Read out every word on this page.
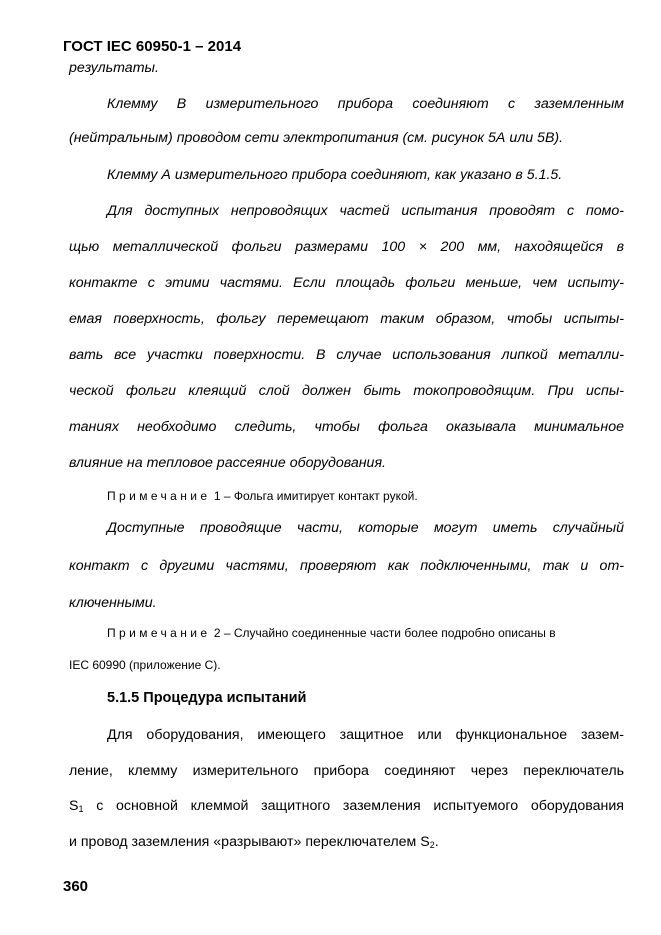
ГОСТ IEC 60950-1 – 2014
результаты.
Клемму В измерительного прибора соединяют с заземленным
(нейтральным) проводом сети электропитания (см. рисунок 5А или 5В).
Клемму А измерительного прибора соединяют, как указано в 5.1.5.
Для доступных непроводящих частей испытания проводят с помо-
щью металлической фольги размерами 100 × 200 мм, находящейся в
контакте с этими частями. Если площадь фольги меньше, чем испыту-
емая поверхность, фольгу перемещают таким образом, чтобы испыты-
вать все участки поверхности. В случае использования липкой металли-
ческой фольги клеящий слой должен быть токопроводящим. При испы-
таниях необходимо следить, чтобы фольга оказывала минимальное
влияние на тепловое рассеяние оборудования.
Примечание 1 – Фольга имитирует контакт рукой.
Доступные проводящие части, которые могут иметь случайный
контакт с другими частями, проверяют как подключенными, так и от-
ключенными.
Примечание 2 – Случайно соединенные части более подробно описаны в
IEC 60990 (приложение С).
5.1.5 Процедура испытаний
Для оборудования, имеющего защитное или функциональное зазем-
ление, клемму измерительного прибора соединяют через переключатель
$S_1$ с основной клеммой защитного заземления испытуемого оборудования
и провод заземления «разрывают» переключателем $S_2$.
360
